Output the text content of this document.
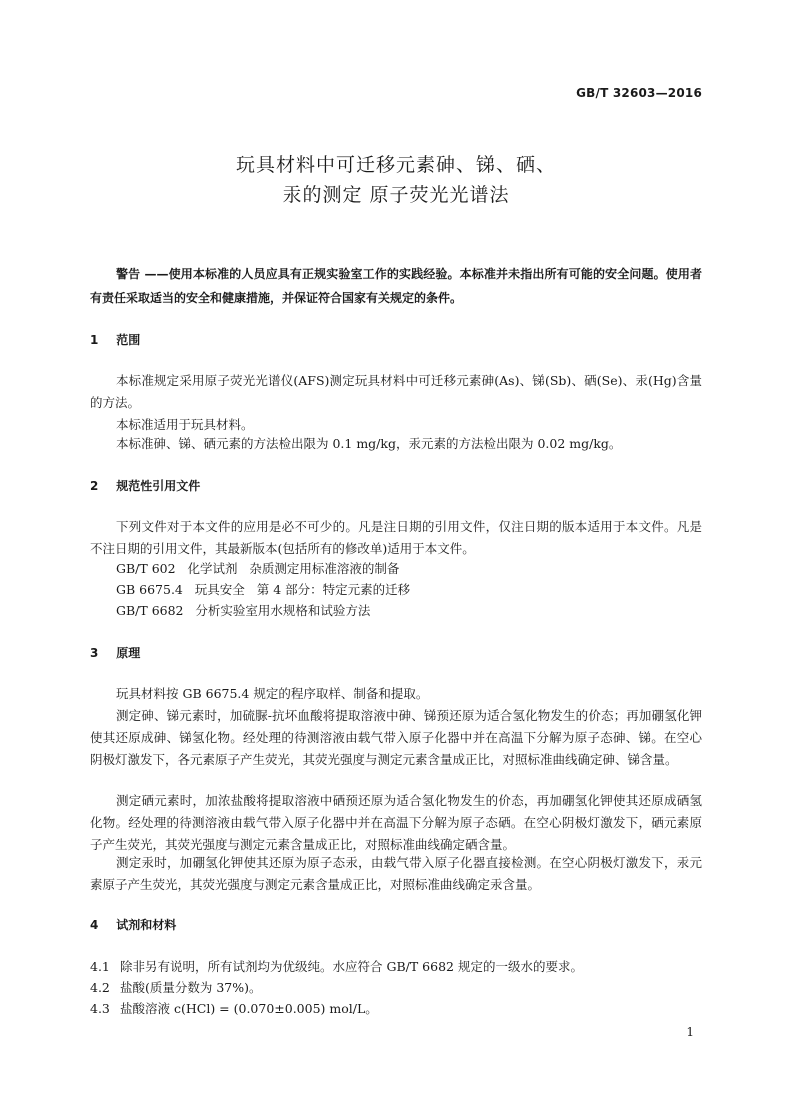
GB/T 32603—2016
玩具材料中可迁移元素砷、锑、硒、
汞的测定 原子荧光光谱法
警告 ——使用本标准的人员应具有正规实验室工作的实践经验。本标准并未指出所有可能的安全问题。使用者有责任采取适当的安全和健康措施，并保证符合国家有关规定的条件。
1 范围
本标准规定采用原子荧光光谱仪(AFS)测定玩具材料中可迁移元素砷(As)、锑(Sb)、硒(Se)、汞(Hg)含量的方法。
本标准适用于玩具材料。
本标准砷、锑、硒元素的方法检出限为 0.1 mg/kg，汞元素的方法检出限为 0.02 mg/kg。
2 规范性引用文件
下列文件对于本文件的应用是必不可少的。凡是注日期的引用文件，仅注日期的版本适用于本文件。凡是不注日期的引用文件，其最新版本(包括所有的修改单)适用于本文件。
GB/T 602   化学试剂   杂质测定用标准溶液的制备
GB 6675.4   玩具安全   第 4 部分：特定元素的迁移
GB/T 6682   分析实验室用水规格和试验方法
3 原理
玩具材料按 GB 6675.4 规定的程序取样、制备和提取。
测定砷、锑元素时，加硫脲-抗坏血酸将提取溶液中砷、锑预还原为适合氢化物发生的价态；再加硼氢化钾使其还原成砷、锑氢化物。经处理的待测溶液由载气带入原子化器中并在高温下分解为原子态砷、锑。在空心阴极灯激发下，各元素原子产生荧光，其荧光强度与测定元素含量成正比，对照标准曲线确定砷、锑含量。
测定硒元素时，加浓盐酸将提取溶液中硒预还原为适合氢化物发生的价态，再加硼氢化钾使其还原成硒氢化物。经处理的待测溶液由载气带入原子化器中并在高温下分解为原子态硒。在空心阴极灯激发下，硒元素原子产生荧光，其荧光强度与测定元素含量成正比，对照标准曲线确定硒含量。
测定汞时，加硼氢化钾使其还原为原子态汞，由载气带入原子化器直接检测。在空心阴极灯激发下，汞元素原子产生荧光，其荧光强度与测定元素含量成正比，对照标准曲线确定汞含量。
4 试剂和材料
4.1 除非另有说明，所有试剂均为优级纯。水应符合 GB/T 6682 规定的一级水的要求。
4.2 盐酸(质量分数为 37%)。
4.3 盐酸溶液 c(HCl) = (0.070±0.005) mol/L。
1
